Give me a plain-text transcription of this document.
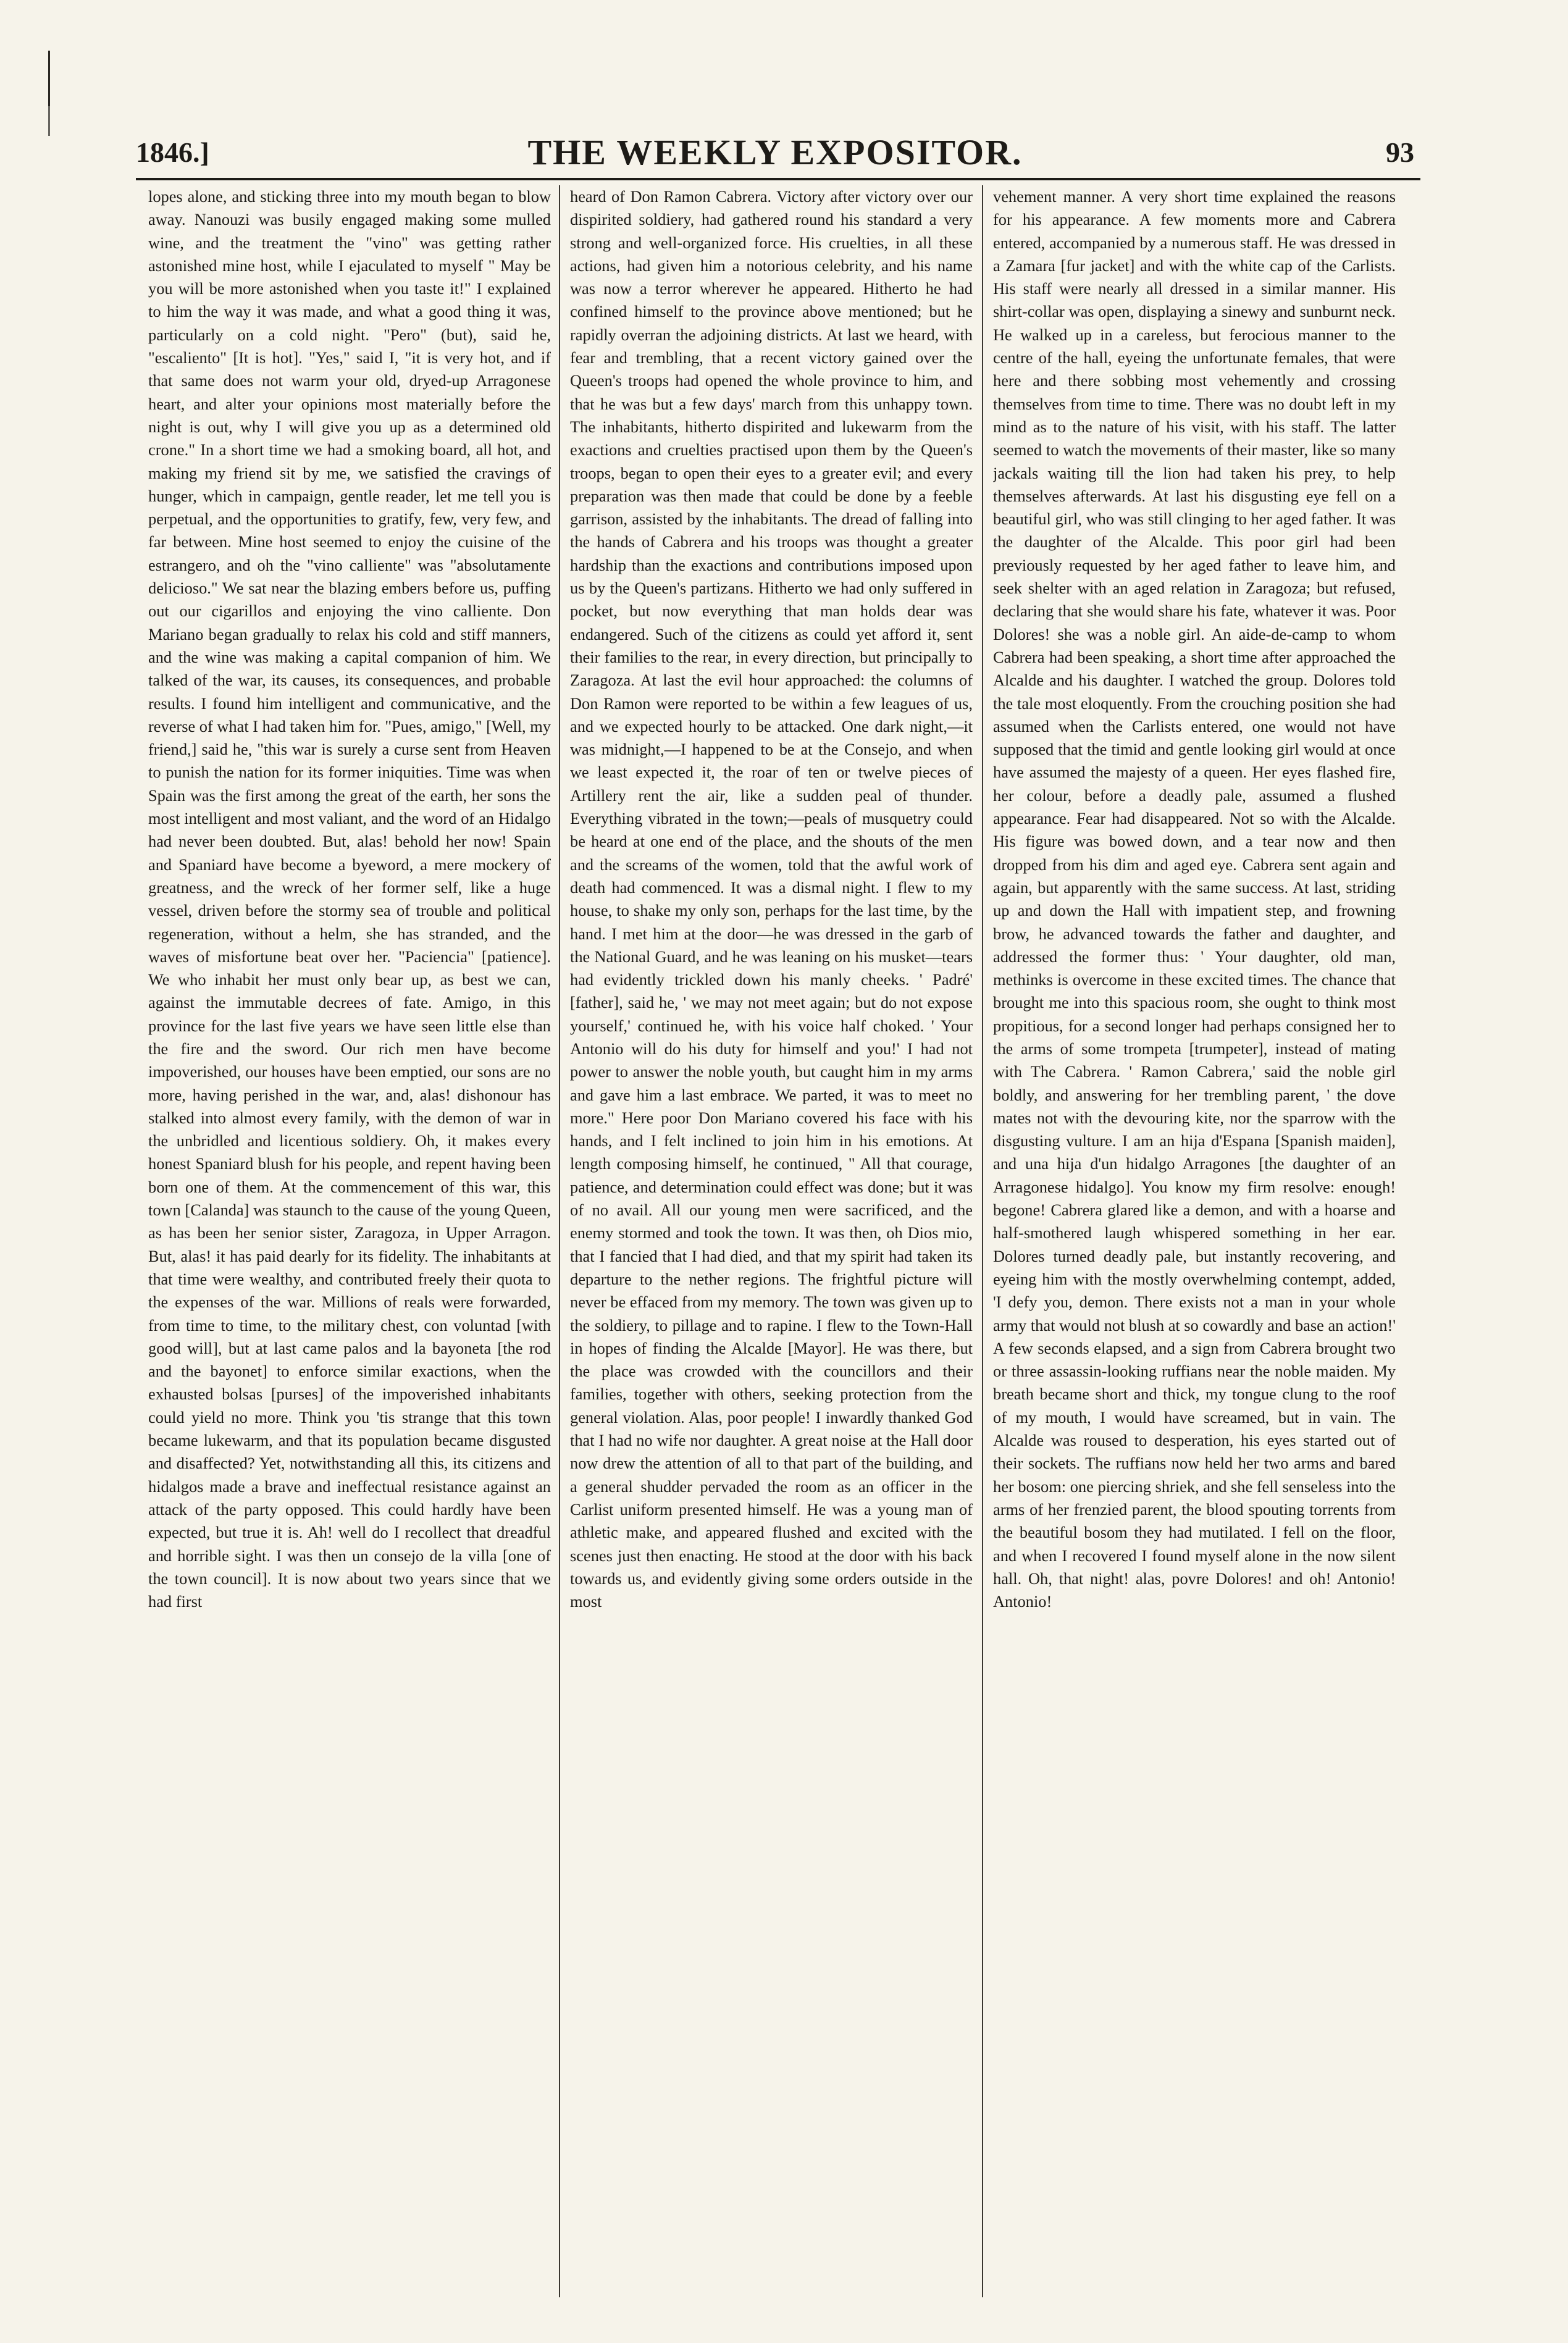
1846.]	THE WEEKLY EXPOSITOR.	93

lopes alone, and sticking three into my mouth began to blow away. Nanouzi was busily engaged making some mulled wine, and the treatment the "vino" was getting rather astonished mine host, while I ejaculated to myself " May be you will be more astonished when you taste it!" I explained to him the way it was made, and what a good thing it was, particularly on a cold night. "Pero" (but), said he, "escaliento" [It is hot]. "Yes," said I, "it is very hot, and if that same does not warm your old, dryed-up Arragonese heart, and alter your opinions most materially before the night is out, why I will give you up as a determined old crone." In a short time we had a smoking board, all hot, and making my friend sit by me, we satisfied the cravings of hunger, which in campaign, gentle reader, let me tell you is perpetual, and the opportunities to gratify, few, very few, and far between. Mine host seemed to enjoy the cuisine of the estrangero, and oh the "vino calliente" was "absolutamente delicioso." We sat near the blazing embers before us, puffing out our cigarillos and enjoying the vino calliente. Don Mariano began gradually to relax his cold and stiff manners, and the wine was making a capital companion of him. We talked of the war, its causes, its consequences, and probable results. I found him intelligent and communicative, and the reverse of what I had taken him for. "Pues, amigo," [Well, my friend,] said he, "this war is surely a curse sent from Heaven to punish the nation for its former iniquities. Time was when Spain was the first among the great of the earth, her sons the most intelligent and most valiant, and the word of an Hidalgo had never been doubted. But, alas! behold her now! Spain and Spaniard have become a byeword, a mere mockery of greatness, and the wreck of her former self, like a huge vessel, driven before the stormy sea of trouble and political regeneration, without a helm, she has stranded, and the waves of misfortune beat over her. "Paciencia" [patience]. We who inhabit her must only bear up, as best we can, against the immutable decrees of fate. Amigo, in this province for the last five years we have seen little else than the fire and the sword. Our rich men have become impoverished, our houses have been emptied, our sons are no more, having perished in the war, and, alas! dishonour has stalked into almost every family, with the demon of war in the unbridled and licentious soldiery. Oh, it makes every honest Spaniard blush for his people, and repent having been born one of them. At the commencement of this war, this town [Calanda] was staunch to the cause of the young Queen, as has been her senior sister, Zaragoza, in Upper Arragon. But, alas! it has paid dearly for its fidelity. The inhabitants at that time were wealthy, and contributed freely their quota to the expenses of the war. Millions of reals were forwarded, from time to time, to the military chest, con voluntad [with good will], but at last came palos and la bayoneta [the rod and the bayonet] to enforce similar exactions, when the exhausted bolsas [purses] of the impoverished inhabitants could yield no more. Think you 'tis strange that this town became lukewarm, and that its population became disgusted and disaffected? Yet, notwithstanding all this, its citizens and hidalgos made a brave and ineffectual resistance against an attack of the party opposed. This could hardly have been expected, but true it is. Ah! well do I recollect that dreadful and horrible sight. I was then un consejo de la villa [one of the town council]. It is now about two years since that we had first

heard of Don Ramon Cabrera. Victory after victory over our dispirited soldiery, had gathered round his standard a very strong and well-organized force. His cruelties, in all these actions, had given him a notorious celebrity, and his name was now a terror wherever he appeared. Hitherto he had confined himself to the province above mentioned; but he rapidly overran the adjoining districts. At last we heard, with fear and trembling, that a recent victory gained over the Queen's troops had opened the whole province to him, and that he was but a few days' march from this unhappy town. The inhabitants, hitherto dispirited and lukewarm from the exactions and cruelties practised upon them by the Queen's troops, began to open their eyes to a greater evil; and every preparation was then made that could be done by a feeble garrison, assisted by the inhabitants. The dread of falling into the hands of Cabrera and his troops was thought a greater hardship than the exactions and contributions imposed upon us by the Queen's partizans. Hitherto we had only suffered in pocket, but now everything that man holds dear was endangered. Such of the citizens as could yet afford it, sent their families to the rear, in every direction, but principally to Zaragoza. At last the evil hour approached: the columns of Don Ramon were reported to be within a few leagues of us, and we expected hourly to be attacked. One dark night,—it was midnight,—I happened to be at the Consejo, and when we least expected it, the roar of ten or twelve pieces of Artillery rent the air, like a sudden peal of thunder. Everything vibrated in the town;—peals of musquetry could be heard at one end of the place, and the shouts of the men and the screams of the women, told that the awful work of death had commenced. It was a dismal night. I flew to my house, to shake my only son, perhaps for the last time, by the hand. I met him at the door—he was dressed in the garb of the National Guard, and he was leaning on his musket—tears had evidently trickled down his manly cheeks. ' Padré' [father], said he, ' we may not meet again; but do not expose yourself,' continued he, with his voice half choked. ' Your Antonio will do his duty for himself and you!' I had not power to answer the noble youth, but caught him in my arms and gave him a last embrace. We parted, it was to meet no more." Here poor Don Mariano covered his face with his hands, and I felt inclined to join him in his emotions. At length composing himself, he continued, " All that courage, patience, and determination could effect was done; but it was of no avail. All our young men were sacrificed, and the enemy stormed and took the town. It was then, oh Dios mio, that I fancied that I had died, and that my spirit had taken its departure to the nether regions. The frightful picture will never be effaced from my memory. The town was given up to the soldiery, to pillage and to rapine. I flew to the Town-Hall in hopes of finding the Alcalde [Mayor]. He was there, but the place was crowded with the councillors and their families, together with others, seeking protection from the general violation. Alas, poor people! I inwardly thanked God that I had no wife nor daughter. A great noise at the Hall door now drew the attention of all to that part of the building, and a general shudder pervaded the room as an officer in the Carlist uniform presented himself. He was a young man of athletic make, and appeared flushed and excited with the scenes just then enacting. He stood at the door with his back towards us, and evidently giving some orders outside in the most

vehement manner. A very short time explained the reasons for his appearance. A few moments more and Cabrera entered, accompanied by a numerous staff. He was dressed in a Zamara [fur jacket] and with the white cap of the Carlists. His staff were nearly all dressed in a similar manner. His shirt-collar was open, displaying a sinewy and sunburnt neck. He walked up in a careless, but ferocious manner to the centre of the hall, eyeing the unfortunate females, that were here and there sobbing most vehemently and crossing themselves from time to time. There was no doubt left in my mind as to the nature of his visit, with his staff. The latter seemed to watch the movements of their master, like so many jackals waiting till the lion had taken his prey, to help themselves afterwards. At last his disgusting eye fell on a beautiful girl, who was still clinging to her aged father. It was the daughter of the Alcalde. This poor girl had been previously requested by her aged father to leave him, and seek shelter with an aged relation in Zaragoza; but refused, declaring that she would share his fate, whatever it was. Poor Dolores! she was a noble girl. An aide-de-camp to whom Cabrera had been speaking, a short time after approached the Alcalde and his daughter. I watched the group. Dolores told the tale most eloquently. From the crouching position she had assumed when the Carlists entered, one would not have supposed that the timid and gentle looking girl would at once have assumed the majesty of a queen. Her eyes flashed fire, her colour, before a deadly pale, assumed a flushed appearance. Fear had disappeared. Not so with the Alcalde. His figure was bowed down, and a tear now and then dropped from his dim and aged eye. Cabrera sent again and again, but apparently with the same success. At last, striding up and down the Hall with impatient step, and frowning brow, he advanced towards the father and daughter, and addressed the former thus: ' Your daughter, old man, methinks is overcome in these excited times. The chance that brought me into this spacious room, she ought to think most propitious, for a second longer had perhaps consigned her to the arms of some trompeta [trumpeter], instead of mating with The Cabrera. ' Ramon Cabrera,' said the noble girl boldly, and answering for her trembling parent, ' the dove mates not with the devouring kite, nor the sparrow with the disgusting vulture. I am an hija d'Espana [Spanish maiden], and una hija d'un hidalgo Arragones [the daughter of an Arragonese hidalgo]. You know my firm resolve: enough! begone! Cabrera glared like a demon, and with a hoarse and half-smothered laugh whispered something in her ear. Dolores turned deadly pale, but instantly recovering, and eyeing him with the mostly overwhelming contempt, added, 'I defy you, demon. There exists not a man in your whole army that would not blush at so cowardly and base an action!' A few seconds elapsed, and a sign from Cabrera brought two or three assassin-looking ruffians near the noble maiden. My breath became short and thick, my tongue clung to the roof of my mouth, I would have screamed, but in vain. The Alcalde was roused to desperation, his eyes started out of their sockets. The ruffians now held her two arms and bared her bosom: one piercing shriek, and she fell senseless into the arms of her frenzied parent, the blood spouting torrents from the beautiful bosom they had mutilated. I fell on the floor, and when I recovered I found myself alone in the now silent hall. Oh, that night! alas, povre Dolores! and oh! Antonio! Antonio!
